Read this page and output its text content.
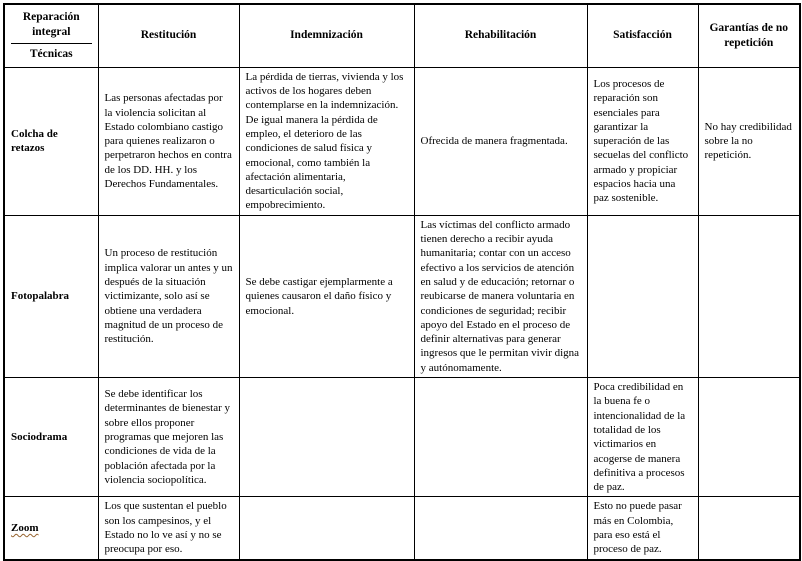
Reparación integral
Técnicas	Restitución	Indemnización	Rehabilitación	Satisfacción	Garantías de no repetición
Colcha de retazos	Las personas afectadas por la violencia solicitan al Estado colombiano castigo para quienes realizaron o perpetraron hechos en contra de los DD. HH. y los Derechos Fundamentales.	La pérdida de tierras, vivienda y los activos de los hogares deben contemplarse en la indemnización. De igual manera la pérdida de empleo, el deterioro de las condiciones de salud física y emocional, como también la afectación alimentaria, desarticulación social, empobrecimiento.	Ofrecida de manera fragmentada.	Los procesos de reparación son esenciales para garantizar la superación de las secuelas del conflicto armado y propiciar espacios hacia una paz sostenible.	No hay credibilidad sobre la no repetición.
Fotopalabra	Un proceso de restitución implica valorar un antes y un después de la situación victimizante, solo así se obtiene una verdadera magnitud de un proceso de restitución.	Se debe castigar ejemplarmente a quienes causaron el daño físico y emocional.	Las víctimas del conflicto armado tienen derecho a recibir ayuda humanitaria; contar con un acceso efectivo a los servicios de atención en salud y de educación; retornar o reubicarse de manera voluntaria en condiciones de seguridad; recibir apoyo del Estado en el proceso de definir alternativas para generar ingresos que le permitan vivir digna y autónomamente.		
Sociodrama	Se debe identificar los determinantes de bienestar y sobre ellos proponer programas que mejoren las condiciones de vida de la población afectada por la violencia sociopolítica.			Poca credibilidad en la buena fe o intencionalidad de la totalidad de los victimarios en acogerse de manera definitiva a procesos de paz.	
Zoom	Los que sustentan el pueblo son los campesinos, y el Estado no lo ve así y no se preocupa por eso.			Esto no puede pasar más en Colombia, para eso está el proceso de paz.	
